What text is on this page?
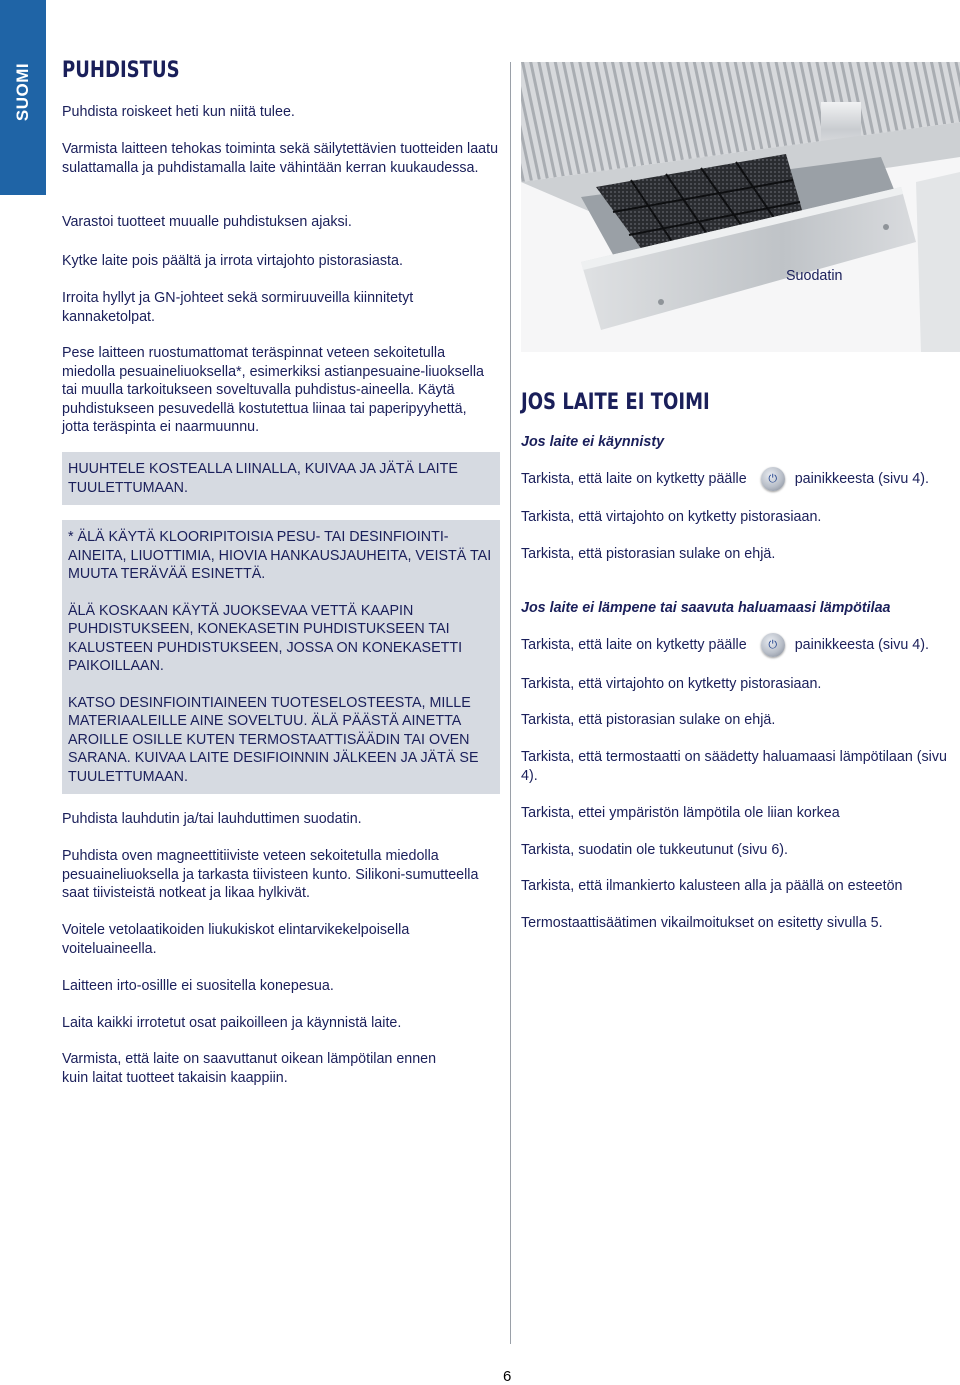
SUOMI PUHDISTUS

Puhdista roiskeet heti kun niitä tulee.

Varmista laitteen tehokas toiminta sekä säilytettävien tuotteiden laatu sulattamalla ja puhdistamalla laite vähintään kerran kuukaudessa.

Varastoi tuotteet muualle puhdistuksen ajaksi.

Kytke laite pois päältä ja irrota virtajohto pistorasiasta.

Irroita hyllyt ja GN-johteet sekä sormiruuveilla kiinnitetyt kannaketolpat.

Pese laitteen ruostumattomat teräspinnat veteen sekoitetulla miedolla pesuaineliuoksella*, esimerkiksi astianpesuaine-liuoksella tai muulla tarkoitukseen soveltuvalla puhdistus-aineella. Käytä puhdistukseen pesuvedellä kostutettua liinaa tai paperipyyhettä, jotta teräspinta ei naarmuunnu.

HUUHTELE KOSTEALLA LIINALLA, KUIVAA JA JÄTÄ LAITE TUULETTUMAAN.

* ÄLÄ KÄYTÄ KLOORIPITOISIA PESU- TAI DESINFIOINTI-AINEITA, LIUOTTIMIA, HIOVIA HANKAUSJAUHEITA, VEISTÄ TAI MUUTA TERÄVÄÄ ESINETTÄ.

ÄLÄ KOSKAAN KÄYTÄ JUOKSEVAA VETTÄ KAAPIN PUHDISTUKSEEN, KONEKASETIN PUHDISTUKSEEN TAI KALUSTEEN PUHDISTUKSEEN, JOSSA ON KONEKASETTI PAIKOILLAAN.

KATSO DESINFIOINTIAINEEN TUOTESELOSTEESTA, MILLE MATERIAALEILLE AINE SOVELTUU. ÄLÄ PÄÄSTÄ AINETTA AROILLE OSILLE KUTEN TERMOSTAATTISÄÄDIN TAI OVEN SARANA. KUIVAA LAITE DESIFIOINNIN JÄLKEEN JA JÄTÄ SE TUULETTUMAAN.

Puhdista lauhdutin ja/tai lauhduttimen suodatin.

Puhdista oven magneettitiiviste veteen sekoitetulla miedolla pesuaineliuoksella ja tarkasta tiivisteen kunto. Silikoni-sumutteella saat tiivisteistä notkeat ja likaa hylkivät.

Voitele vetolaatikoiden liukukiskot elintarvikekelpoisella voiteluaineella.

Laitteen irto-osillle ei suositella konepesua.

Laita kaikki irrotetut osat paikoilleen ja käynnistä laite.

Varmista, että laite on saavuttanut oikean lämpötilan ennen kuin laitat tuotteet takaisin kaappiin.

Suodatin

JOS LAITE EI TOIMI

Jos laite ei käynnisty

Tarkista, että laite on kytketty päälle ⏻	painikkeesta (sivu 4).

Tarkista, että virtajohto on kytketty pistorasiaan.

Tarkista, että pistorasian sulake on ehjä.

Jos laite ei lämpene tai saavuta haluamaasi lämpötilaa

Tarkista, että laite on kytketty päälle ⏻	painikkeesta (sivu 4).

Tarkista, että virtajohto on kytketty pistorasiaan.

Tarkista, että pistorasian sulake on ehjä.

Tarkista, että termostaatti on säädetty haluamaasi lämpötilaan (sivu 4).

Tarkista, ettei ympäristön lämpötila ole liian korkea

Tarkista, suodatin ole tukkeutunut (sivu 6).

Tarkista, että ilmankierto kalusteen alla ja päällä on esteetön

Termostaattisäätimen vikailmoitukset on esitetty sivulla 5.

6
